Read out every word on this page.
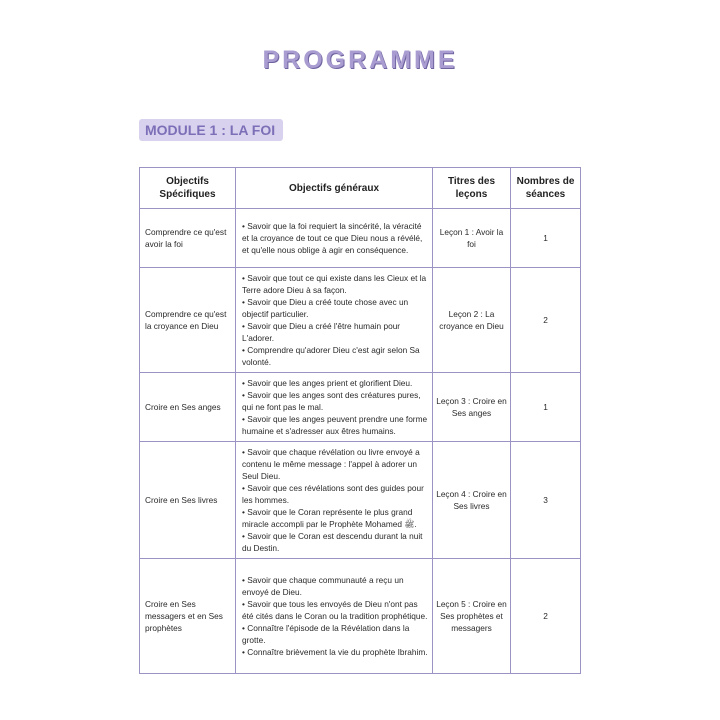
PROGRAMME
MODULE 1 : LA FOI
Objectifs Spécifiques	Objectifs généraux	Titres des leçons	Nombres de séances
Comprendre ce qu'est avoir la foi	• Savoir que la foi requiert la sincérité, la véracité et la croyance de tout ce que Dieu nous a révélé, et qu'elle nous oblige à agir en conséquence.	Leçon 1 : Avoir la foi	1
Comprendre ce qu'est la croyance en Dieu	• Savoir que tout ce qui existe dans les Cieux et la Terre adore Dieu à sa façon.
• Savoir que Dieu a créé toute chose avec un objectif particulier.
• Savoir que Dieu a créé l'être humain pour L'adorer.
• Comprendre qu'adorer Dieu c'est agir selon Sa volonté.	Leçon 2 : La croyance en Dieu	2
Croire en Ses anges	• Savoir que les anges prient et glorifient Dieu.
• Savoir que les anges sont des créatures pures, qui ne font pas le mal.
• Savoir que les anges peuvent prendre une forme humaine et s'adresser aux êtres humains.	Leçon 3 : Croire en Ses anges	1
Croire en Ses livres	• Savoir que chaque révélation ou livre envoyé a contenu le même message : l'appel à adorer un Seul Dieu.
• Savoir que ces révélations sont des guides pour les hommes.
• Savoir que le Coran représente le plus grand miracle accompli par le Prophète Mohamed ﷺ.
• Savoir que le Coran est descendu durant la nuit du Destin.	Leçon 4 : Croire en Ses livres	3
Croire en Ses messagers et en Ses prophètes	• Savoir que chaque communauté a reçu un envoyé de Dieu.
• Savoir que tous les envoyés de Dieu n'ont pas été cités dans le Coran ou la tradition prophétique.
• Connaître l'épisode de la Révélation dans la grotte.
• Connaître brièvement la vie du prophète Ibrahim.	Leçon 5 : Croire en Ses prophètes et messagers	2
